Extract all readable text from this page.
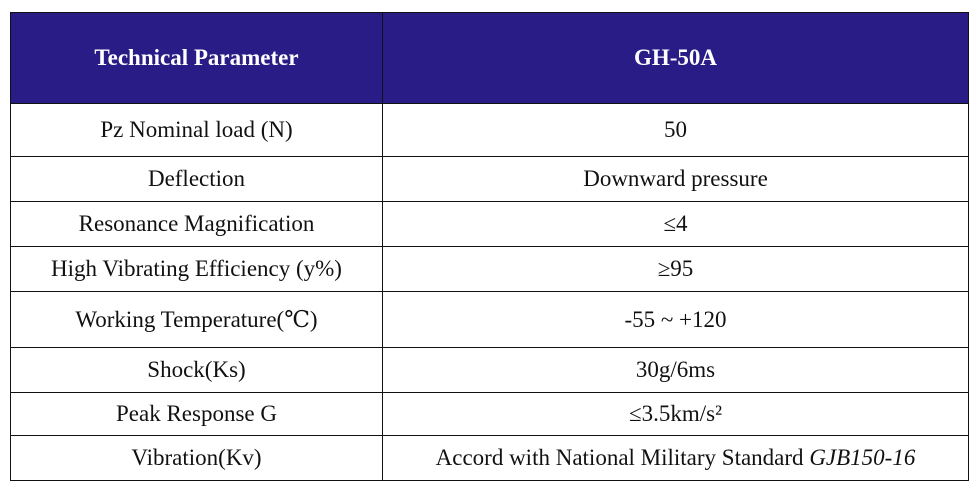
Technical Parameter	GH-50A
Pz Nominal load (N)	50
Deflection	Downward pressure
Resonance Magnification	≤4
High Vibrating Efficiency (y%)	≥95
Working Temperature(℃)	-55 ~ +120
Shock(Ks)	30g/6ms
Peak Response G	≤3.5km/s²
Vibration(Kv)	Accord with National Military Standard GJB150-16
